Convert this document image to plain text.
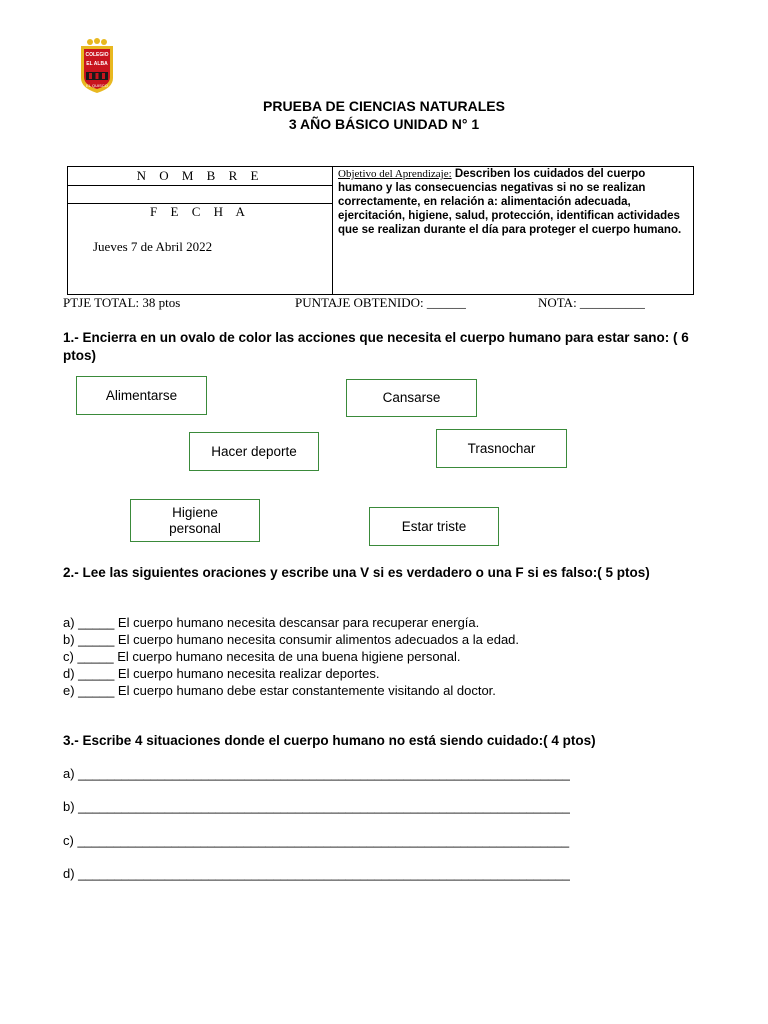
COLEGIO
EL ALBA
EL QUISCO
PRUEBA DE CIENCIAS NATURALES
3 AÑO BÁSICO UNIDAD N° 1
N O M B R E
F E C H A
Jueves 7 de Abril 2022
Objetivo del Aprendizaje: Describen los cuidados del cuerpo humano y las consecuencias negativas si no se realizan correctamente, en relación a: alimentación adecuada, ejercitación, higiene, salud, protección, identifican actividades que se realizan durante el día para proteger el cuerpo humano.
PTJE TOTAL: 38 ptos	PUNTAJE OBTENIDO: ______	NOTA: __________
1.- Encierra en un ovalo de color las acciones que necesita el cuerpo humano para estar sano: ( 6 ptos)
Alimentarse	Cansarse
Hacer deporte	Trasnochar
Higiene personal	Estar triste
2.- Lee las siguientes oraciones y escribe una V si es verdadero o una F si es falso:( 5 ptos)
a) _____ El cuerpo humano necesita descansar para recuperar energía.
b) _____ El cuerpo humano necesita consumir alimentos adecuados a la edad.
c) _____ El cuerpo humano necesita de una buena higiene personal.
d) _____ El cuerpo humano necesita realizar deportes.
e) _____ El cuerpo humano debe estar constantemente visitando al doctor.
3.- Escribe 4 situaciones donde el cuerpo humano no está siendo cuidado:( 4 ptos)
a) ____________________________________________________________________
b) ____________________________________________________________________
c) ____________________________________________________________________
d) ____________________________________________________________________
